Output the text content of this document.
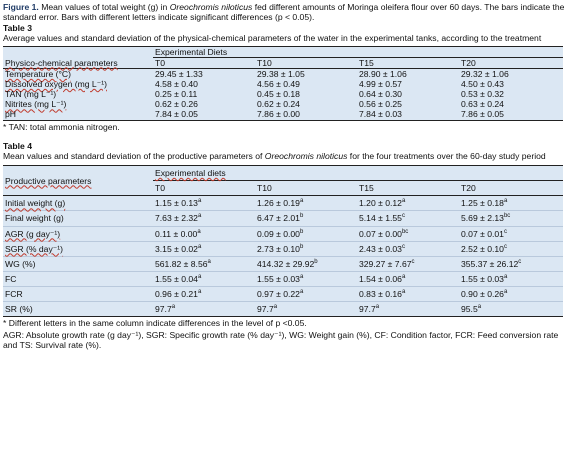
Figure 1. Mean values of total weight (g) in Oreochromis niloticus fed different amounts of Moringa oleifera flour over 60 days. The bars indicate the standard error. Bars with different letters indicate significant differences (p < 0.05).

Table 3

Average values and standard deviation of the physical-chemical parameters of the water in the experimental tanks, according to the treatment

Physico-chemical parameters	Experimental Diets			
	T0	T10	T15	T20
Temperature (°C)	29.45 ± 1.33	29.38 ± 1.05	28.90 ± 1.06	29.32 ± 1.06
Dissolved oxygen (mg L⁻¹)	4.58 ± 0.40	4.56 ± 0.49	4.99 ± 0.57	4.50 ± 0.43
TAN (mg L⁻¹)	0.25 ± 0.11	0.45 ± 0.18	0.64 ± 0.30	0.53 ± 0.32
Nitrites (mg L⁻¹)	0.62 ± 0.26	0.62 ± 0.24	0.56 ± 0.25	0.63 ± 0.24
pH	7.84 ± 0.05	7.86 ± 0.00	7.84 ± 0.03	7.86 ± 0.05
* TAN: total ammonia nitrogen.
Table 4

Mean values and standard deviation of the productive parameters of Oreochromis niloticus for the four treatments over the 60-day study period

Productive parameters	Experimental diets			
	T0	T10	T15	T20
Initial weight (g)	1.15 ± 0.13$^a$	1.26 ± 0.19$^a$	1.20 ± 0.12$^a$	1.25 ± 0.18$^a$
Final weight (g)	7.63 ± 2.32$^a$	6.47 ± 2.01$^b$	5.14 ± 1.55$^c$	5.69 ± 2.13$^{bc}$
AGR (g day⁻¹)	0.11 ± 0.00$^a$	0.09 ± 0.00$^b$	0.07 ± 0.00$^{bc}$	0.07 ± 0.01$^c$
SGR (% day⁻¹)	3.15 ± 0.02$^a$	2.73 ± 0.10$^b$	2.43 ± 0.03$^c$	2.52 ± 0.10$^c$
WG (%)	561.82 ± 8.56$^a$	414.32 ± 29.92$^b$	329.27 ± 7.67$^c$	355.37 ± 26.12$^c$
FC	1.55 ± 0.04$^a$	1.55 ± 0.03$^a$	1.54 ± 0.06$^a$	1.55 ± 0.03$^a$
FCR	0.96 ± 0.21$^a$	0.97 ± 0.22$^a$	0.83 ± 0.16$^a$	0.90 ± 0.26$^a$
SR (%)	97.7$^a$	97.7$^a$	97.7$^a$	95.5$^a$
* Different letters in the same column indicate differences in the level of p <0.05.
AGR: Absolute growth rate (g day⁻¹), SGR: Specific growth rate (% day⁻¹), WG: Weight gain (%), CF: Condition factor, FCR: Feed conversion rate and TS: Survival rate (%).
